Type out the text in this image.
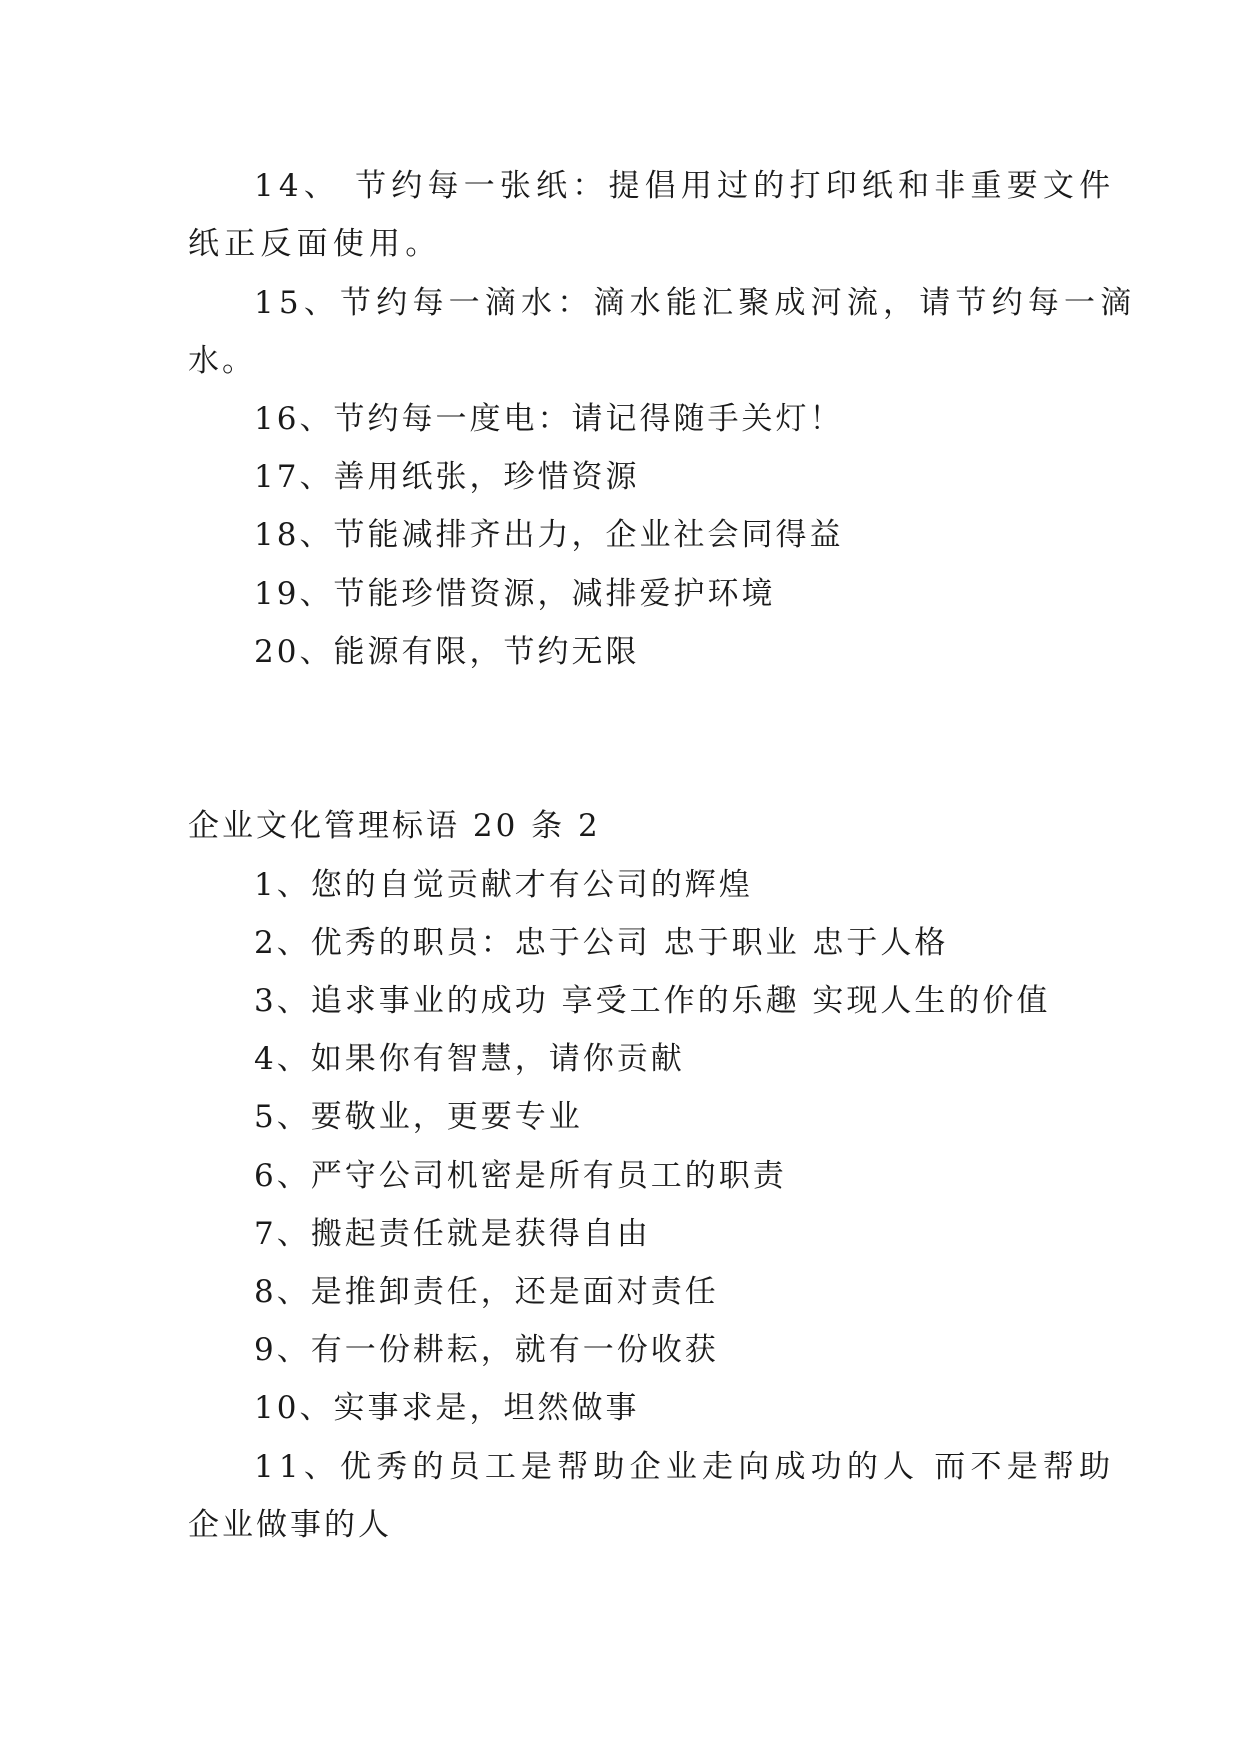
14、 节约每一张纸：提倡用过的打印纸和非重要文件
纸正反面使用。
15、节约每一滴水：滴水能汇聚成河流，请节约每一滴
水。
16、节约每一度电：请记得随手关灯！
17、善用纸张，珍惜资源
18、节能减排齐出力，企业社会同得益
19、节能珍惜资源，减排爱护环境
20、能源有限，节约无限
企业文化管理标语 20 条 2
1、您的自觉贡献才有公司的辉煌
2、优秀的职员：忠于公司 忠于职业 忠于人格
3、追求事业的成功 享受工作的乐趣 实现人生的价值
4、如果你有智慧，请你贡献
5、要敬业，更要专业
6、严守公司机密是所有员工的职责
7、搬起责任就是获得自由
8、是推卸责任，还是面对责任
9、有一份耕耘，就有一份收获
10、实事求是，坦然做事
11、优秀的员工是帮助企业走向成功的人 而不是帮助
企业做事的人
